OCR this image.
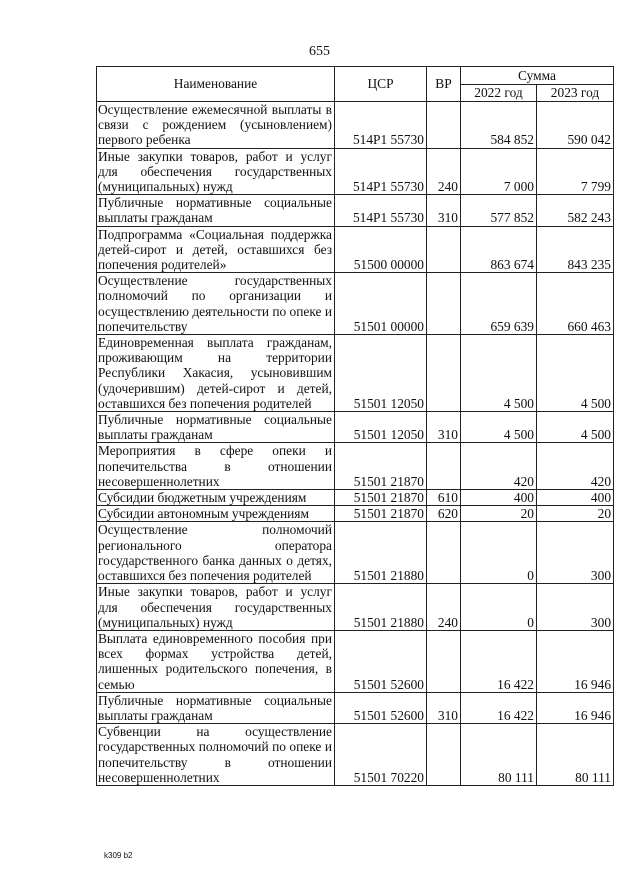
655
Наименование	ЦСР	ВР	Сумма	
			2022 год	2023 год
Осуществление ежемесячной выплаты в связи с рождением (усыновлением) первого ребенка	514Р1 55730		584 852	590 042
Иные закупки товаров, работ и услуг для обеспечения государственных (муниципальных) нужд	514Р1 55730	240	7 000	7 799
Публичные нормативные социальные выплаты гражданам	514Р1 55730	310	577 852	582 243
Подпрограмма «Социальная поддержка детей-сирот и детей, оставшихся без попечения родителей»	51500 00000		863 674	843 235
Осуществление государственных полномочий по организации и осуществлению деятельности по опеке и попечительству	51501 00000		659 639	660 463
Единовременная выплата гражданам, проживающим на территории Республики Хакасия, усыновившим (удочерившим) детей-сирот и детей, оставшихся без попечения родителей	51501 12050		4 500	4 500
Публичные нормативные социальные выплаты гражданам	51501 12050	310	4 500	4 500
Мероприятия в сфере опеки и попечительства в отношении несовершеннолетних	51501 21870		420	420
Субсидии бюджетным учреждениям	51501 21870	610	400	400
Субсидии автономным учреждениям	51501 21870	620	20	20
Осуществление полномочий регионального оператора государственного банка данных о детях, оставшихся без попечения родителей	51501 21880		0	300
Иные закупки товаров, работ и услуг для обеспечения государственных (муниципальных) нужд	51501 21880	240	0	300
Выплата единовременного пособия при всех формах устройства детей, лишенных родительского попечения, в семью	51501 52600		16 422	16 946
Публичные нормативные социальные выплаты гражданам	51501 52600	310	16 422	16 946
Субвенции на осуществление государственных полномочий по опеке и попечительству в отношении несовершеннолетних	51501 70220		80 111	80 111
k309 b2
